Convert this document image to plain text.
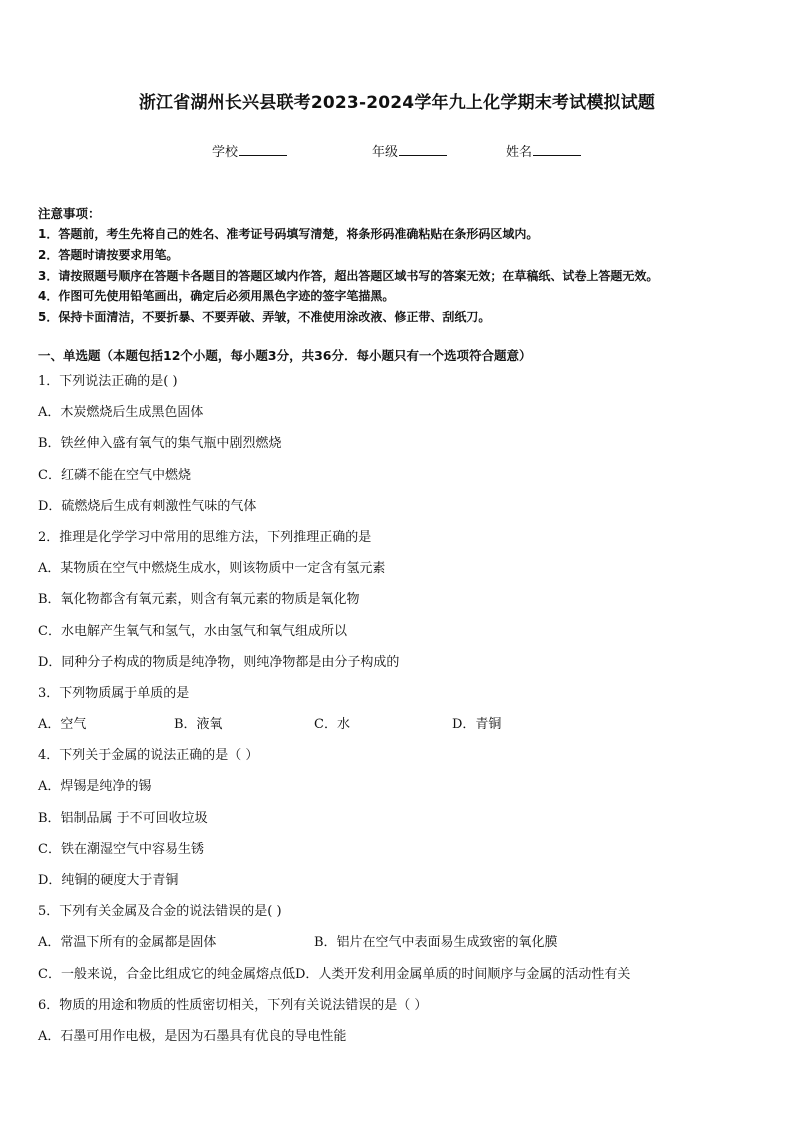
浙江省湖州长兴县联考2023-2024学年九上化学期末考试模拟试题
学校	年级	姓名
注意事项：
1．答题前，考生先将自己的姓名、准考证号码填写清楚，将条形码准确粘贴在条形码区域内。
2．答题时请按要求用笔。
3．请按照题号顺序在答题卡各题目的答题区域内作答，超出答题区域书写的答案无效；在草稿纸、试卷上答题无效。
4．作图可先使用铅笔画出，确定后必须用黑色字迹的签字笔描黑。
5．保持卡面清洁，不要折暴、不要弄破、弄皱，不准使用涂改液、修正带、刮纸刀。
一、单选题（本题包括12个小题，每小题3分，共36分．每小题只有一个选项符合题意）
1．下列说法正确的是( )
A．木炭燃烧后生成黑色固体
B．铁丝伸入盛有氧气的集气瓶中剧烈燃烧
C．红磷不能在空气中燃烧
D．硫燃烧后生成有刺激性气味的气体
2．推理是化学学习中常用的思维方法，下列推理正确的是
A．某物质在空气中燃烧生成水，则该物质中一定含有氢元素
B．氧化物都含有氧元素，则含有氧元素的物质是氧化物
C．水电解产生氧气和氢气，水由氢气和氧气组成所以
D．同种分子构成的物质是纯净物，则纯净物都是由分子构成的
3．下列物质属于单质的是
A．空气	B．液氧	C．水	D．青铜
4．下列关于金属的说法正确的是（ ）
A．焊锡是纯净的锡
B．铝制品属 于不可回收垃圾
C．铁在潮湿空气中容易生锈
D．纯铜的硬度大于青铜
5．下列有关金属及合金的说法错误的是( )
A．常温下所有的金属都是固体	B．铝片在空气中表面易生成致密的氧化膜
C．一般来说，合金比组成它的纯金属熔点低D．人类开发利用金属单质的时间顺序与金属的活动性有关
6．物质的用途和物质的性质密切相关，下列有关说法错误的是（ ）
A．石墨可用作电极，是因为石墨具有优良的导电性能
